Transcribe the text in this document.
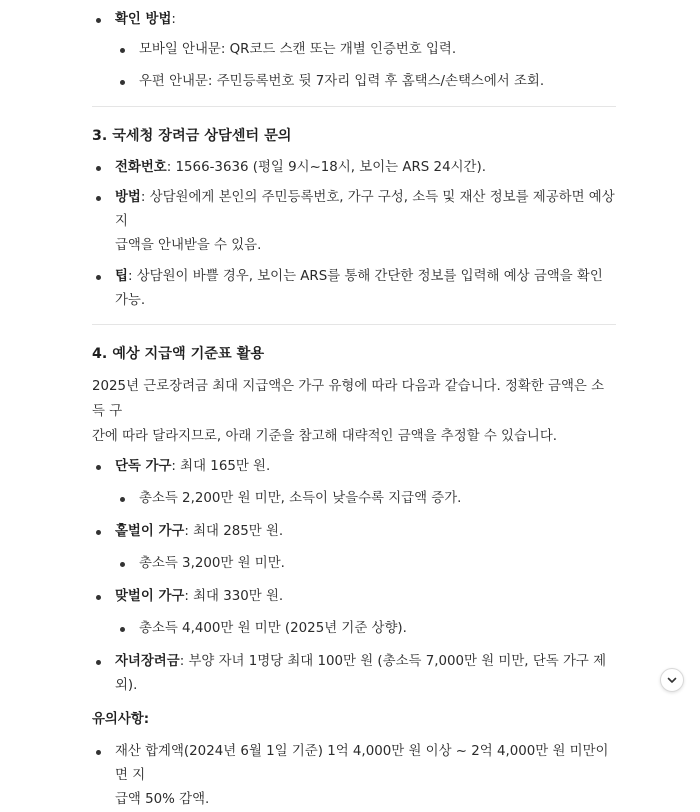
확인 방법:
모바일 안내문: QR코드 스캔 또는 개별 인증번호 입력.
우편 안내문: 주민등록번호 뒷 7자리 입력 후 홈택스/손택스에서 조회.
3. 국세청 장려금 상담센터 문의
전화번호: 1566-3636 (평일 9시~18시, 보이는 ARS 24시간).
방법: 상담원에게 본인의 주민등록번호, 가구 구성, 소득 및 재산 정보를 제공하면 예상 지
급액을 안내받을 수 있음.
팁: 상담원이 바쁠 경우, 보이는 ARS를 통해 간단한 정보를 입력해 예상 금액을 확인 가능.
4. 예상 지급액 기준표 활용
2025년 근로장려금 최대 지급액은 가구 유형에 따라 다음과 같습니다. 정확한 금액은 소득 구
간에 따라 달라지므로, 아래 기준을 참고해 대략적인 금액을 추정할 수 있습니다.
단독 가구: 최대 165만 원.
총소득 2,200만 원 미만, 소득이 낮을수록 지급액 증가.
홑벌이 가구: 최대 285만 원.
총소득 3,200만 원 미만.
맞벌이 가구: 최대 330만 원.
총소득 4,400만 원 미만 (2025년 기준 상향).
자녀장려금: 부양 자녀 1명당 최대 100만 원 (총소득 7,000만 원 미만, 단독 가구 제외).
유의사항:
재산 합계액(2024년 6월 1일 기준) 1억 4,000만 원 이상 ~ 2억 4,000만 원 미만이면 지
급액 50% 감액.
